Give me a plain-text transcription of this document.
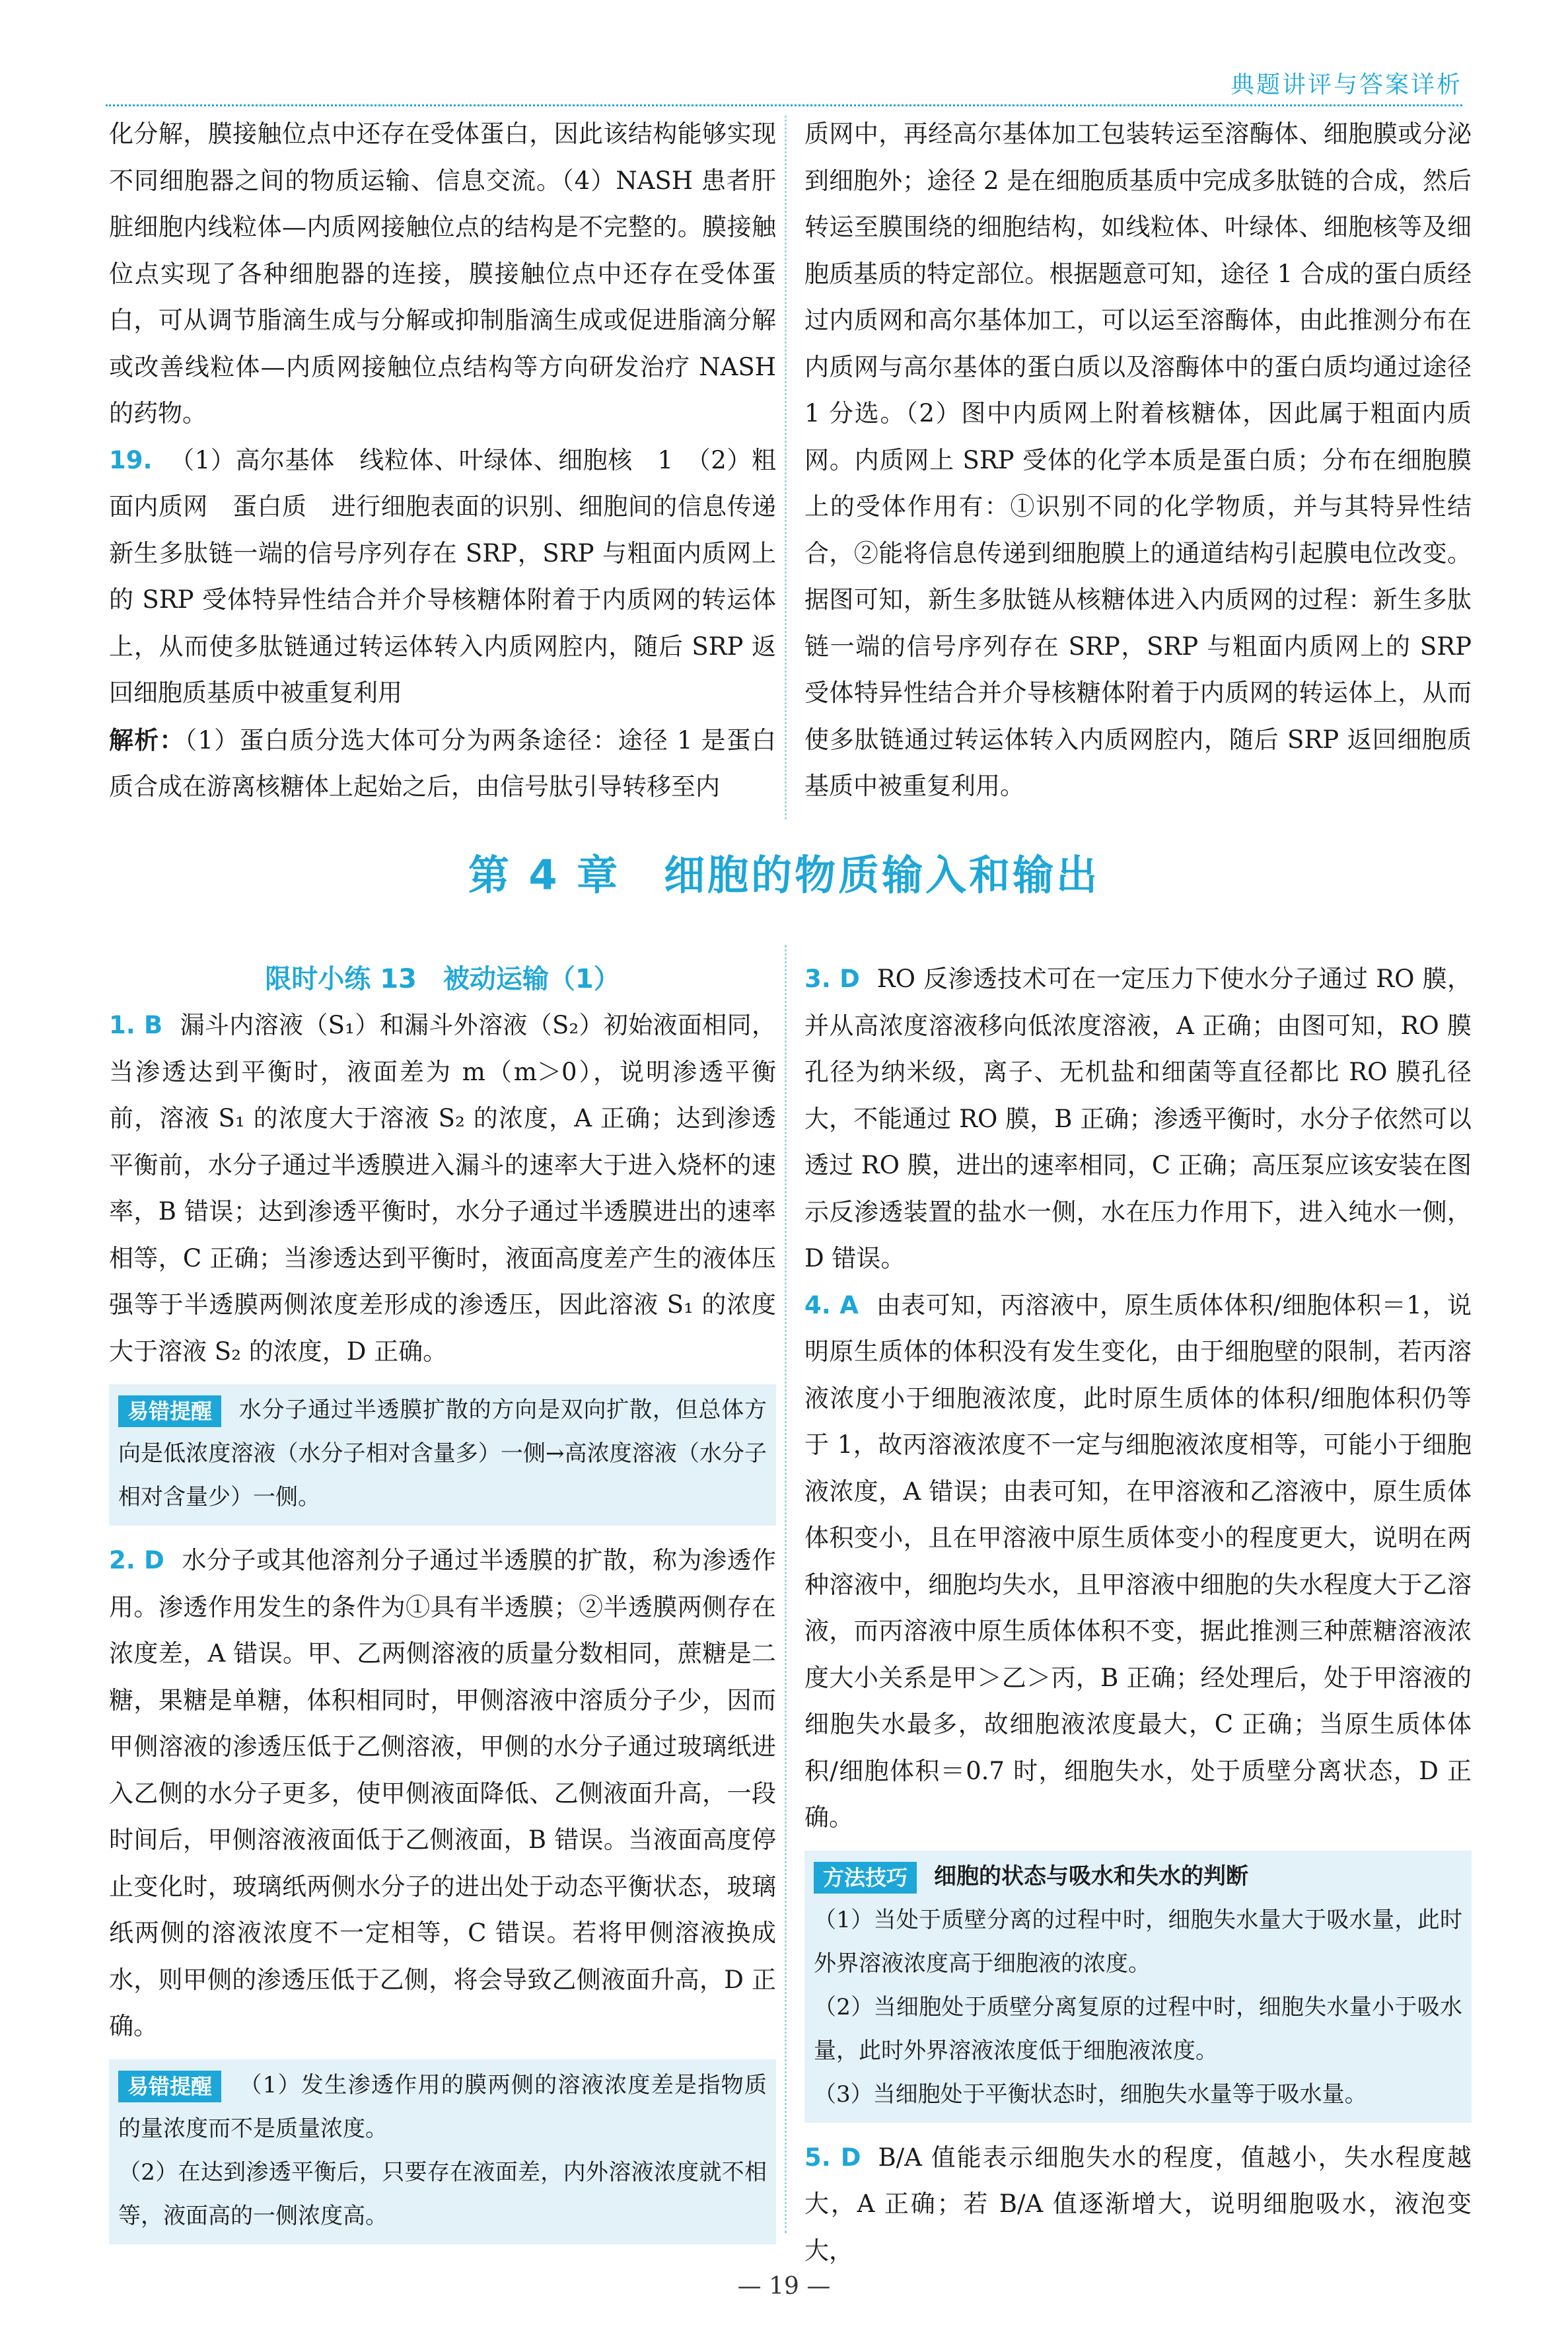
典题讲评与答案详析

化分解，膜接触位点中还存在受体蛋白，因此该结构能够实现不同细胞器之间的物质运输、信息交流。（4）NASH 患者肝脏细胞内线粒体—内质网接触位点的结构是不完整的。膜接触位点实现了各种细胞器的连接，膜接触位点中还存在受体蛋白，可从调节脂滴生成与分解或抑制脂滴生成或促进脂滴分解或改善线粒体—内质网接触位点结构等方向研发治疗 NASH 的药物。

19. （1）高尔基体　线粒体、叶绿体、细胞核　1　（2）粗面内质网　蛋白质　进行细胞表面的识别、细胞间的信息传递　新生多肽链一端的信号序列存在 SRP，SRP 与粗面内质网上的 SRP 受体特异性结合并介导核糖体附着于内质网的转运体上，从而使多肽链通过转运体转入内质网腔内，随后 SRP 返回细胞质基质中被重复利用

解析：（1）蛋白质分选大体可分为两条途径：途径 1 是蛋白质合成在游离核糖体上起始之后，由信号肽引导转移至内

质网中，再经高尔基体加工包装转运至溶酶体、细胞膜或分泌到细胞外；途径 2 是在细胞质基质中完成多肽链的合成，然后转运至膜围绕的细胞结构，如线粒体、叶绿体、细胞核等及细胞质基质的特定部位。根据题意可知，途径 1 合成的蛋白质经过内质网和高尔基体加工，可以运至溶酶体，由此推测分布在内质网与高尔基体的蛋白质以及溶酶体中的蛋白质均通过途径 1 分选。（2）图中内质网上附着核糖体，因此属于粗面内质网。内质网上 SRP 受体的化学本质是蛋白质；分布在细胞膜上的受体作用有：①识别不同的化学物质，并与其特异性结合，②能将信息传递到细胞膜上的通道结构引起膜电位改变。据图可知，新生多肽链从核糖体进入内质网的过程：新生多肽链一端的信号序列存在 SRP，SRP 与粗面内质网上的 SRP 受体特异性结合并介导核糖体附着于内质网的转运体上，从而使多肽链通过转运体转入内质网腔内，随后 SRP 返回细胞质基质中被重复利用。

第 4 章　细胞的物质输入和输出
限时小练 13　被动运输（1）

1. B 漏斗内溶液（S₁）和漏斗外溶液（S₂）初始液面相同，当渗透达到平衡时，液面差为 m（m＞0），说明渗透平衡前，溶液 S₁ 的浓度大于溶液 S₂ 的浓度，A 正确；达到渗透平衡前，水分子通过半透膜进入漏斗的速率大于进入烧杯的速率，B 错误；达到渗透平衡时，水分子通过半透膜进出的速率相等，C 正确；当渗透达到平衡时，液面高度差产生的液体压强等于半透膜两侧浓度差形成的渗透压，因此溶液 S₁ 的浓度大于溶液 S₂ 的浓度，D 正确。

易错提醒 水分子通过半透膜扩散的方向是双向扩散，但总体方向是低浓度溶液（水分子相对含量多）一侧→高浓度溶液（水分子相对含量少）一侧。

2. D 水分子或其他溶剂分子通过半透膜的扩散，称为渗透作用。渗透作用发生的条件为①具有半透膜；②半透膜两侧存在浓度差，A 错误。甲、乙两侧溶液的质量分数相同，蔗糖是二糖，果糖是单糖，体积相同时，甲侧溶液中溶质分子少，因而甲侧溶液的渗透压低于乙侧溶液，甲侧的水分子通过玻璃纸进入乙侧的水分子更多，使甲侧液面降低、乙侧液面升高，一段时间后，甲侧溶液液面低于乙侧液面，B 错误。当液面高度停止变化时，玻璃纸两侧水分子的进出处于动态平衡状态，玻璃纸两侧的溶液浓度不一定相等，C 错误。若将甲侧溶液换成水，则甲侧的渗透压低于乙侧，将会导致乙侧液面升高，D 正确。

易错提醒 （1）发生渗透作用的膜两侧的溶液浓度差是指物质的量浓度而不是质量浓度。
（2）在达到渗透平衡后，只要存在液面差，内外溶液浓度就不相等，液面高的一侧浓度高。

3. D RO 反渗透技术可在一定压力下使水分子通过 RO 膜，并从高浓度溶液移向低浓度溶液，A 正确；由图可知，RO 膜孔径为纳米级，离子、无机盐和细菌等直径都比 RO 膜孔径大，不能通过 RO 膜，B 正确；渗透平衡时，水分子依然可以透过 RO 膜，进出的速率相同，C 正确；高压泵应该安装在图示反渗透装置的盐水一侧，水在压力作用下，进入纯水一侧，D 错误。

4. A 由表可知，丙溶液中，原生质体体积/细胞体积＝1，说明原生质体的体积没有发生变化，由于细胞壁的限制，若丙溶液浓度小于细胞液浓度，此时原生质体的体积/细胞体积仍等于 1，故丙溶液浓度不一定与细胞液浓度相等，可能小于细胞液浓度，A 错误；由表可知，在甲溶液和乙溶液中，原生质体体积变小，且在甲溶液中原生质体变小的程度更大，说明在两种溶液中，细胞均失水，且甲溶液中细胞的失水程度大于乙溶液，而丙溶液中原生质体体积不变，据此推测三种蔗糖溶液浓度大小关系是甲＞乙＞丙，B 正确；经处理后，处于甲溶液的细胞失水最多，故细胞液浓度最大，C 正确；当原生质体体积/细胞体积＝0.7 时，细胞失水，处于质壁分离状态，D 正确。

方法技巧 细胞的状态与吸水和失水的判断
（1）当处于质壁分离的过程中时，细胞失水量大于吸水量，此时外界溶液浓度高于细胞液的浓度。
（2）当细胞处于质壁分离复原的过程中时，细胞失水量小于吸水量，此时外界溶液浓度低于细胞液浓度。
（3）当细胞处于平衡状态时，细胞失水量等于吸水量。

5. D B/A 值能表示细胞失水的程度，值越小，失水程度越大，A 正确；若 B/A 值逐渐增大，说明细胞吸水，液泡变大，

— 19 —
